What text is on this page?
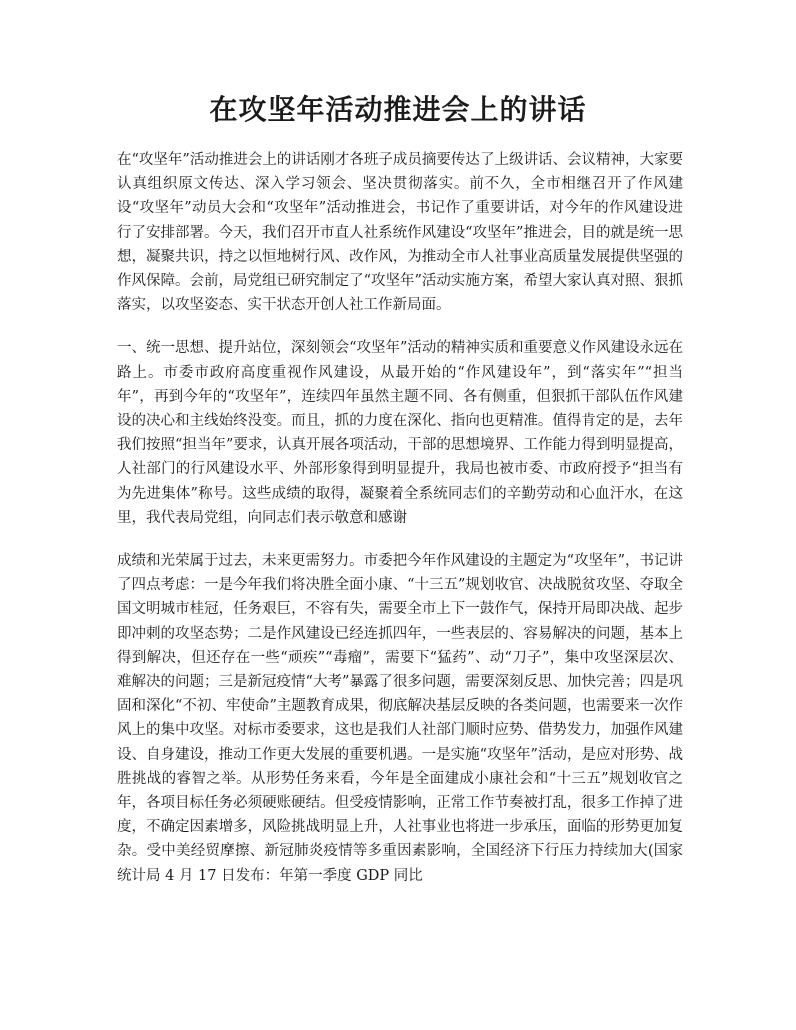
在攻坚年活动推进会上的讲话

在“攻坚年”活动推进会上的讲话刚才各班子成员摘要传达了上级讲话、会议精神，大家要认真组织原文传达、深入学习领会、坚决贯彻落实。前不久，全市相继召开了作风建设“攻坚年”动员大会和“攻坚年”活动推进会，书记作了重要讲话，对今年的作风建设进行了安排部署。今天，我们召开市直人社系统作风建设“攻坚年”推进会，目的就是统一思想，凝聚共识，持之以恒地树行风、改作风，为推动全市人社事业高质量发展提供坚强的作风保障。会前，局党组已研究制定了“攻坚年”活动实施方案，希望大家认真对照、狠抓落实，以攻坚姿态、实干状态开创人社工作新局面。

一、统一思想、提升站位，深刻领会“攻坚年”活动的精神实质和重要意义作风建设永远在路上。市委市政府高度重视作风建设，从最开始的“作风建设年”，到“落实年”“担当年”，再到今年的“攻坚年”，连续四年虽然主题不同、各有侧重，但狠抓干部队伍作风建设的决心和主线始终没变。而且，抓的力度在深化、指向也更精准。值得肯定的是，去年我们按照“担当年”要求，认真开展各项活动，干部的思想境界、工作能力得到明显提高，人社部门的行风建设水平、外部形象得到明显提升，我局也被市委、市政府授予“担当有为先进集体”称号。这些成绩的取得，凝聚着全系统同志们的辛勤劳动和心血汗水，在这里，我代表局党组，向同志们表示敬意和感谢

成绩和光荣属于过去，未来更需努力。市委把今年作风建设的主题定为“攻坚年”，书记讲了四点考虑：一是今年我们将决胜全面小康、“十三五”规划收官、决战脱贫攻坚、夺取全国文明城市桂冠，任务艰巨，不容有失，需要全市上下一鼓作气，保持开局即决战、起步即冲刺的攻坚态势；二是作风建设已经连抓四年，一些表层的、容易解决的问题，基本上得到解决，但还存在一些“顽疾”“毒瘤”，需要下“猛药”、动“刀子”，集中攻坚深层次、难解决的问题；三是新冠疫情“大考”暴露了很多问题，需要深刻反思、加快完善；四是巩固和深化“不初、牢使命”主题教育成果，彻底解决基层反映的各类问题，也需要来一次作风上的集中攻坚。对标市委要求，这也是我们人社部门顺时应势、借势发力，加强作风建设、自身建设，推动工作更大发展的重要机遇。一是实施“攻坚年”活动，是应对形势、战胜挑战的睿智之举。从形势任务来看，今年是全面建成小康社会和“十三五”规划收官之年，各项目标任务必须硬账硬结。但受疫情影响，正常工作节奏被打乱，很多工作掉了进度，不确定因素增多，风险挑战明显上升，人社事业也将进一步承压，面临的形势更加复杂。受中美经贸摩擦、新冠肺炎疫情等多重因素影响，全国经济下行压力持续加大(国家统计局 4 月 17 日发布：年第一季度 GDP 同比
